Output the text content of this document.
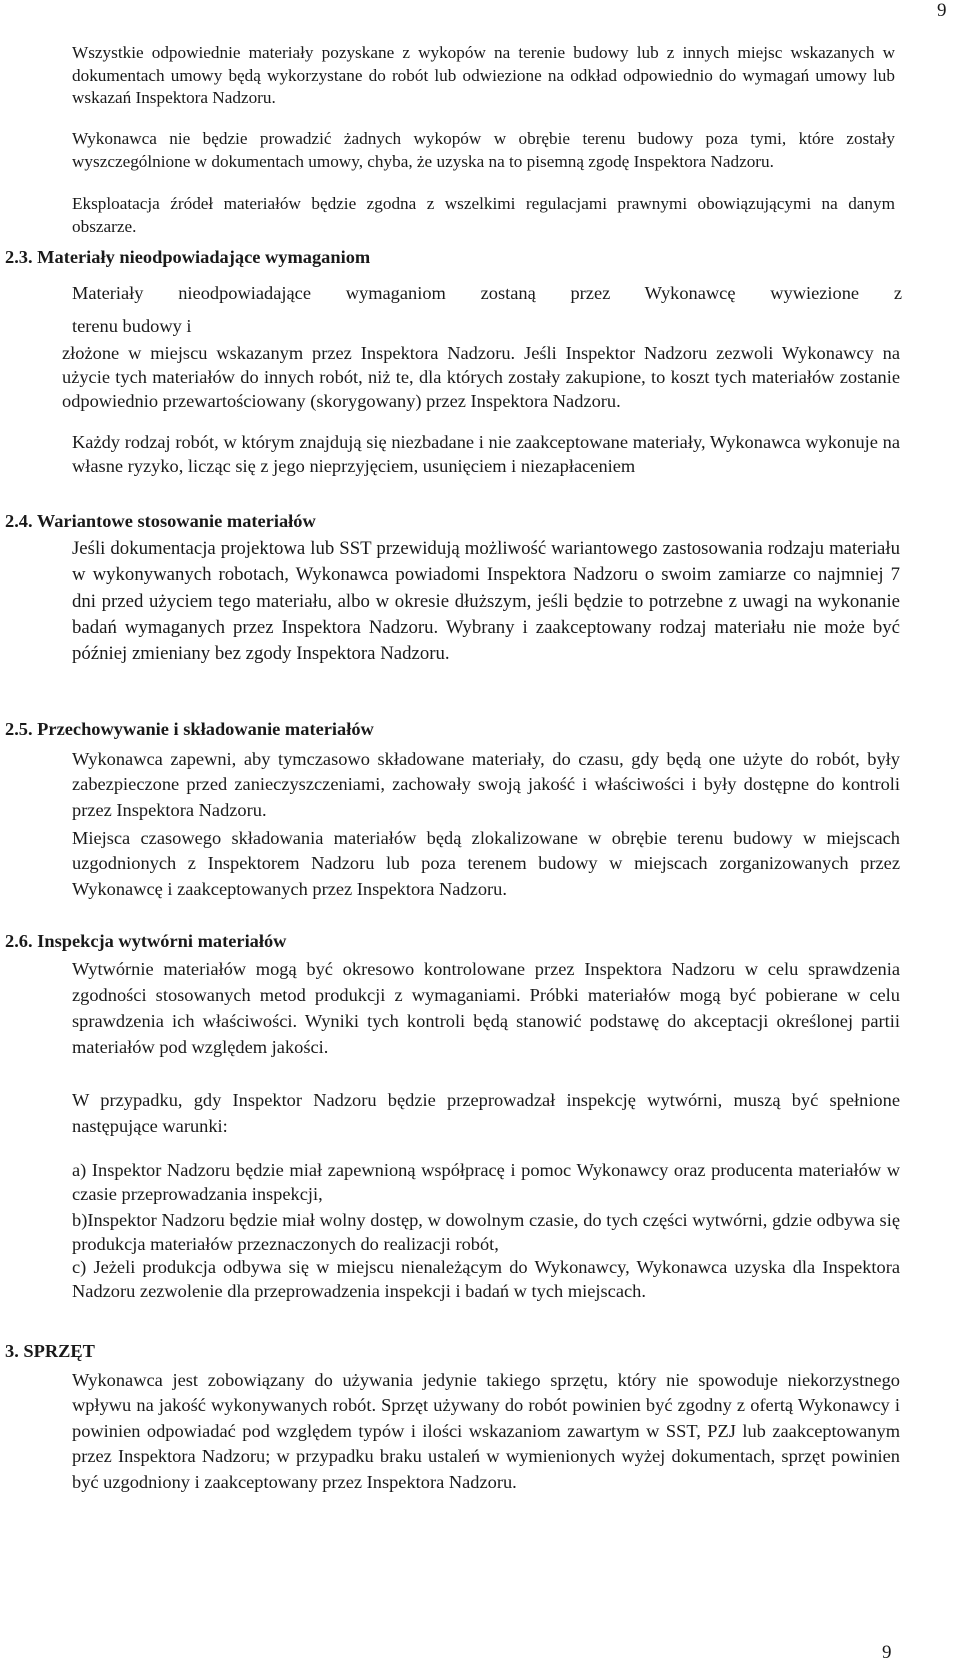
9

Wszystkie odpowiednie materiały pozyskane z wykopów na terenie budowy lub z innych miejsc wskazanych w dokumentach umowy będą wykorzystane do robót lub odwiezione na odkład odpowiednio do wymagań umowy lub wskazań Inspektora Nadzoru.

Wykonawca nie będzie prowadzić żadnych wykopów w obrębie terenu budowy poza tymi, które zostały wyszczególnione w dokumentach umowy, chyba, że uzyska na to pisemną zgodę Inspektora Nadzoru.

Eksploatacja źródeł materiałów będzie zgodna z wszelkimi regulacjami prawnymi obowiązującymi na danym obszarze.

2.3. Materiały nieodpowiadające wymaganiom

Materiały nieodpowiadające wymaganiom zostaną przez Wykonawcę wywiezione z

terenu budowy i

złożone w miejscu wskazanym przez Inspektora Nadzoru. Jeśli Inspektor Nadzoru zezwoli Wykonawcy na użycie tych materiałów do innych robót, niż te, dla których zostały zakupione, to koszt tych materiałów zostanie odpowiednio przewartościowany (skorygowany) przez Inspektora Nadzoru.

Każdy rodzaj robót, w którym znajdują się niezbadane i nie zaakceptowane materiały, Wykonawca wykonuje na własne ryzyko, licząc się z jego nieprzyjęciem, usunięciem i niezapłaceniem

2.4. Wariantowe stosowanie materiałów

Jeśli dokumentacja projektowa lub SST przewidują możliwość wariantowego zastosowania rodzaju materiału w wykonywanych robotach, Wykonawca powiadomi Inspektora Nadzoru o swoim zamiarze co najmniej 7 dni przed użyciem tego materiału, albo w okresie dłuższym, jeśli będzie to potrzebne z uwagi na wykonanie badań wymaganych przez Inspektora Nadzoru. Wybrany i zaakceptowany rodzaj materiału nie może być później zmieniany bez zgody Inspektora Nadzoru.

2.5. Przechowywanie i składowanie materiałów

Wykonawca zapewni, aby tymczasowo składowane materiały, do czasu, gdy będą one użyte do robót, były zabezpieczone przed zanieczyszczeniami, zachowały swoją jakość i właściwości i były dostępne do kontroli przez Inspektora Nadzoru.

Miejsca czasowego składowania materiałów będą zlokalizowane w obrębie terenu budowy w miejscach uzgodnionych z Inspektorem Nadzoru lub poza terenem budowy w miejscach zorganizowanych przez Wykonawcę i zaakceptowanych przez Inspektora Nadzoru.

2.6. Inspekcja wytwórni materiałów

Wytwórnie materiałów mogą być okresowo kontrolowane przez Inspektora Nadzoru w celu sprawdzenia zgodności stosowanych metod produkcji z wymaganiami. Próbki materiałów mogą być pobierane w celu sprawdzenia ich właściwości. Wyniki tych kontroli będą stanowić podstawę do akceptacji określonej partii materiałów pod względem jakości.

W przypadku, gdy Inspektor Nadzoru będzie przeprowadzał inspekcję wytwórni, muszą być spełnione następujące warunki:

a) Inspektor Nadzoru będzie miał zapewnioną współpracę i pomoc Wykonawcy oraz producenta materiałów w czasie przeprowadzania inspekcji,

b)Inspektor Nadzoru będzie miał wolny dostęp, w dowolnym czasie, do tych części wytwórni, gdzie odbywa się produkcja materiałów przeznaczonych do realizacji robót,

c) Jeżeli produkcja odbywa się w miejscu nienależącym do Wykonawcy, Wykonawca uzyska dla Inspektora Nadzoru zezwolenie dla przeprowadzenia inspekcji i badań w tych miejscach.

3. SPRZĘT

Wykonawca jest zobowiązany do używania jedynie takiego sprzętu, który nie spowoduje niekorzystnego wpływu na jakość wykonywanych robót. Sprzęt używany do robót powinien być zgodny z ofertą Wykonawcy i powinien odpowiadać pod względem typów i ilości wskazaniom zawartym w SST, PZJ lub zaakceptowanym przez Inspektora Nadzoru; w przypadku braku ustaleń w wymienionych wyżej dokumentach, sprzęt powinien być uzgodniony i zaakceptowany przez Inspektora Nadzoru.

9
